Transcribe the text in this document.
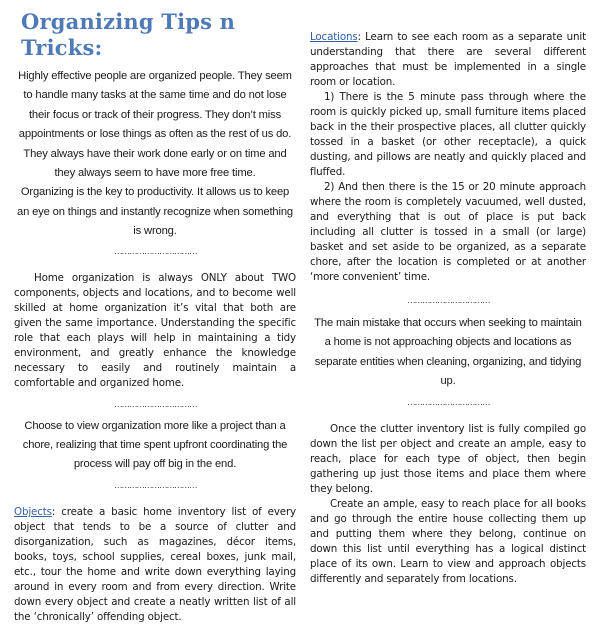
Organizing Tips n Tricks:

Highly effective people are organized people. They seem to handle many tasks at the same time and do not lose their focus or track of their progress. They don’t miss appointments or lose things as often as the rest of us do. They always have their work done early or on time and they always seem to have more free time.

Organizing is the key to productivity. It allows us to keep an eye on things and instantly recognize when something is wrong.

……………………………

Home organization is always ONLY about TWO components, objects and locations, and to become well skilled at home organization it’s vital that both are given the same importance. Understanding the specific role that each plays will help in maintaining a tidy environment, and greatly enhance the knowledge necessary to easily and routinely maintain a comfortable and organized home.

……………………………

Choose to view organization more like a project than a chore, realizing that time spent upfront coordinating the process will pay off big in the end.

……………………………

Objects: create a basic home inventory list of every object that tends to be a source of clutter and disorganization, such as magazines, décor items, books, toys, school supplies, cereal boxes, junk mail, etc., tour the home and write down everything laying around in every room and from every direction. Write down every object and create a neatly written list of all the ‘chronically’ offending object.

Locations: Learn to see each room as a separate unit understanding that there are several different approaches that must be implemented in a single room or location.

1) There is the 5 minute pass through where the room is quickly picked up, small furniture items placed back in the their prospective places, all clutter quickly tossed in a basket (or other receptacle), a quick dusting, and pillows are neatly and quickly placed and fluffed.

2) And then there is the 15 or 20 minute approach where the room is completely vacuumed, well dusted, and everything that is out of place is put back including all clutter is tossed in a small (or large) basket and set aside to be organized, as a separate chore, after the location is completed or at another ‘more convenient’ time.

……………………………

The main mistake that occurs when seeking to maintain a home is not approaching objects and locations as separate entities when cleaning, organizing, and tidying up.

……………………………

Once the clutter inventory list is fully compiled go down the list per object and create an ample, easy to reach, place for each type of object, then begin gathering up just those items and place them where they belong.

Create an ample, easy to reach place for all books and go through the entire house collecting them up and putting them where they belong, continue on down this list until everything has a logical distinct place of its own. Learn to view and approach objects differently and separately from locations.
